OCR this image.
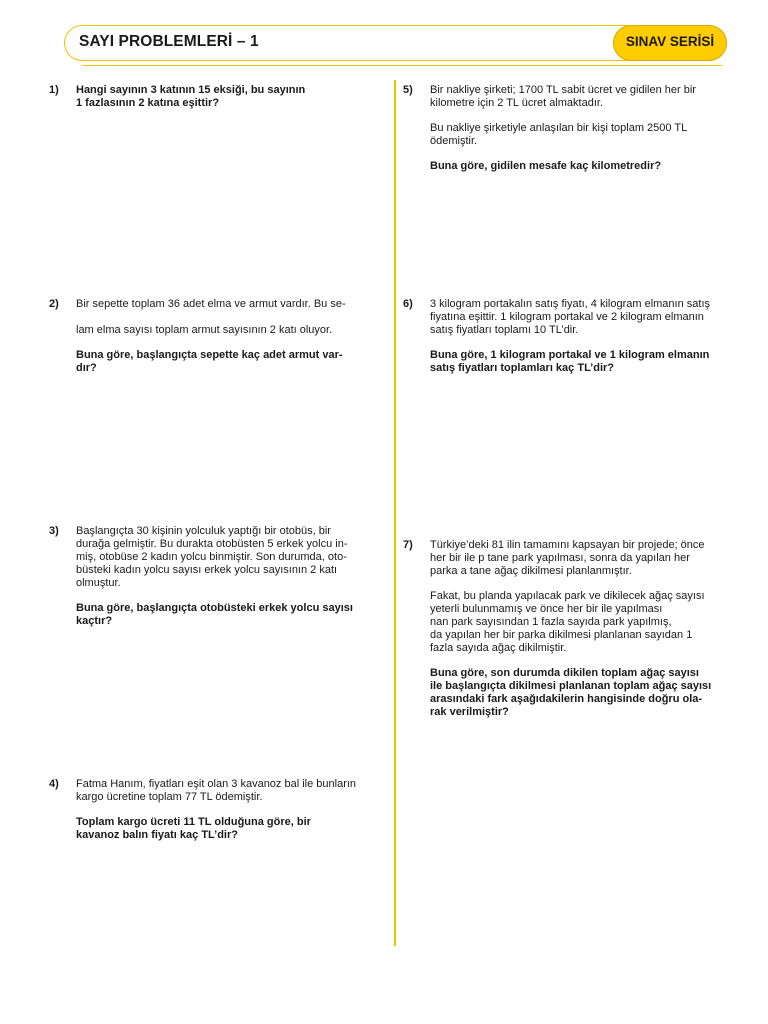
SAYI PROBLEMLERİ – 1	SINAV SERİSİ
1) Hangi sayının 3 katının 15 eksiği, bu sayının

1 fazlasının 2 katına eşittir?

2) Bir sepette toplam 36 adet elma ve armut vardır. Bu se-

lam elma sayısı toplam armut sayısının 2 katı oluyor.

Buna göre, başlangıçta sepette kaç adet armut var-

dır?

3) Başlangıçta 30 kişinin yolculuk yaptığı bir otobüs, bir

durağa gelmiştir. Bu durakta otobüsten 5 erkek yolcu in-

miş, otobüse 2 kadın yolcu binmiştir. Son durumda, oto-

büsteki kadın yolcu sayısı erkek yolcu sayısının 2 katı

olmuştur.

Buna göre, başlangıçta otobüsteki erkek yolcu sayısı

kaçtır?

4) Fatma Hanım, fiyatları eşit olan 3 kavanoz bal ile bunların

kargo ücretine toplam 77 TL ödemiştir.

Toplam kargo ücreti 11 TL olduğuna göre, bir

kavanoz balın fiyatı kaç TL’dir?

5) Bir nakliye şirketi; 1700 TL sabit ücret ve gidilen her bir

kilometre için 2 TL ücret almaktadır.

Bu nakliye şirketiyle anlaşılan bir kişi toplam 2500 TL

ödemiştir.

Buna göre, gidilen mesafe kaç kilometredir?

6) 3 kilogram portakalın satış fiyatı, 4 kilogram elmanın satış

fiyatına eşittir. 1 kilogram portakal ve 2 kilogram elmanın

satış fiyatları toplamı 10 TL’dir.

Buna göre, 1 kilogram portakal ve 1 kilogram elmanın

satış fiyatları toplamları kaç TL’dir?

7) Türkiye’deki 81 ilin tamamını kapsayan bir projede; önce

her bir ile p tane park yapılması, sonra da yapılan her

parka a tane ağaç dikilmesi planlanmıştır.

Fakat, bu planda yapılacak park ve dikilecek ağaç sayısı

yeterli bulunmamış ve önce her bir ile yapılması

nan park sayısından 1 fazla sayıda park yapılmış,

da yapılan her bir parka dikilmesi planlanan sayıdan 1

fazla sayıda ağaç dikilmiştir.

Buna göre, son durumda dikilen toplam ağaç sayısı

ile başlangıçta dikilmesi planlanan toplam ağaç sayısı

arasındaki fark aşağıdakilerin hangisinde doğru ola-

rak verilmiştir?
